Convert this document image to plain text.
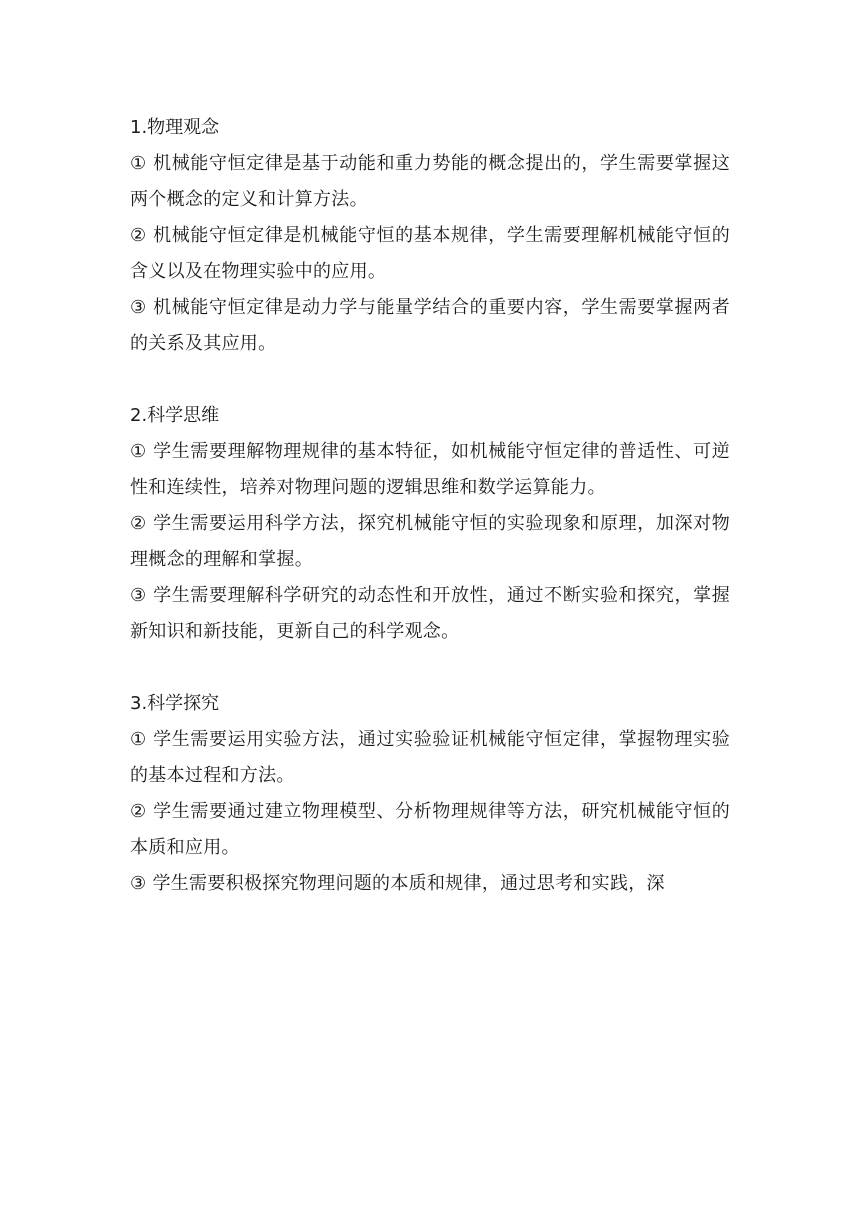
1.物理观念

① 机械能守恒定律是基于动能和重力势能的概念提出的，学生需要掌握这两个概念的定义和计算方法。

② 机械能守恒定律是机械能守恒的基本规律，学生需要理解机械能守恒的含义以及在物理实验中的应用。

③ 机械能守恒定律是动力学与能量学结合的重要内容，学生需要掌握两者的关系及其应用。

2.科学思维

① 学生需要理解物理规律的基本特征，如机械能守恒定律的普适性、可逆性和连续性，培养对物理问题的逻辑思维和数学运算能力。

② 学生需要运用科学方法，探究机械能守恒的实验现象和原理，加深对物理概念的理解和掌握。

③ 学生需要理解科学研究的动态性和开放性，通过不断实验和探究，掌握新知识和新技能，更新自己的科学观念。

3.科学探究

① 学生需要运用实验方法，通过实验验证机械能守恒定律，掌握物理实验的基本过程和方法。

② 学生需要通过建立物理模型、分析物理规律等方法，研究机械能守恒的本质和应用。

③ 学生需要积极探究物理问题的本质和规律，通过思考和实践，深
